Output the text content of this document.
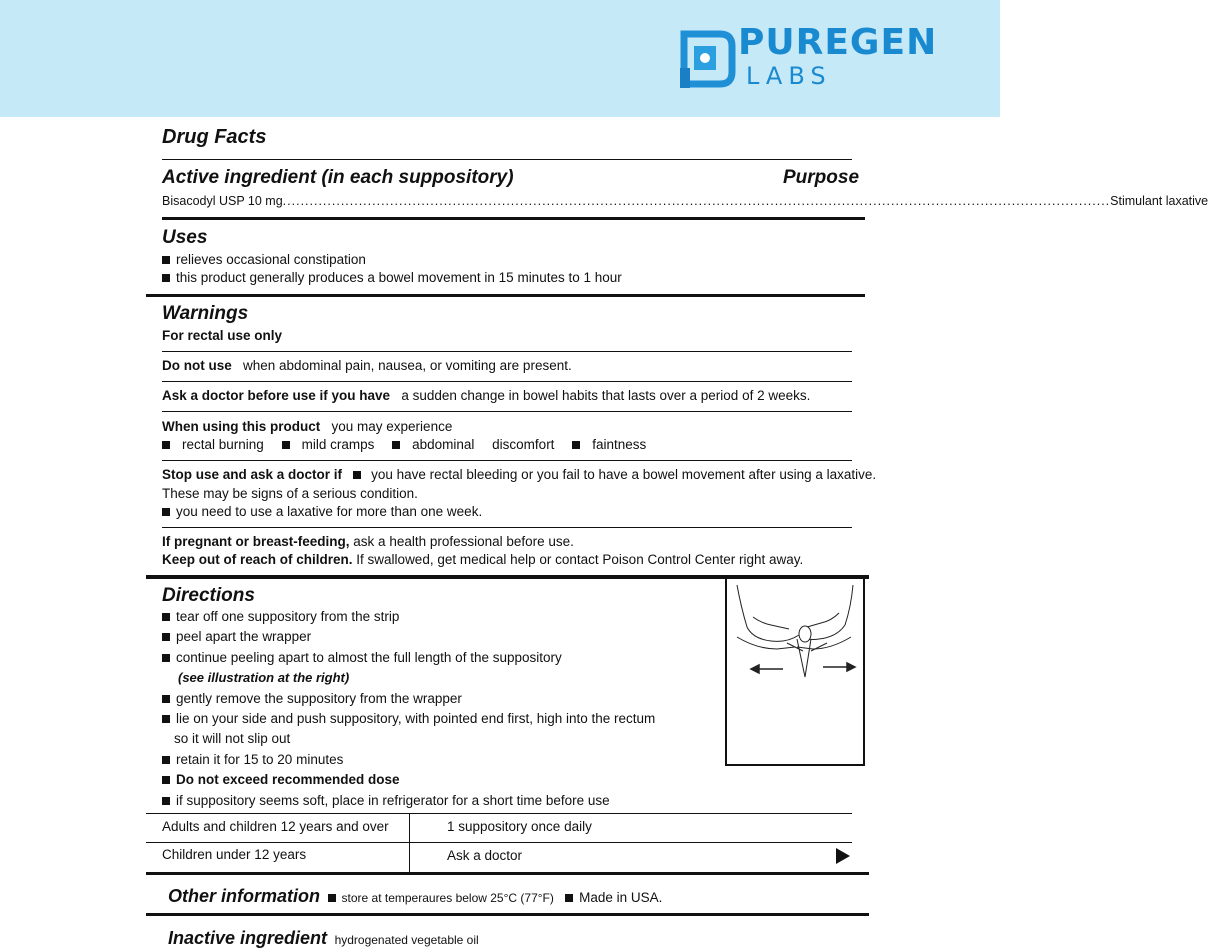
PUREGEN
LABS
Drug Facts
Active ingredient (in each suppository)	Purpose
Bisacodyl USP 10 mg ......................................................................................................................................................................................... Stimulant laxative
Uses
relieves occasional constipation
this product generally produces a bowel movement in 15 minutes to 1 hour
Warnings
For rectal use only
Do not use when abdominal pain, nausea, or vomiting are present.
Ask a doctor before use if you have a sudden change in bowel habits that lasts over a period of 2 weeks.
When using this product you may experience
rectal burning	mild cramps	abdominal discomfort	faintness
Stop use and ask a doctor if you have rectal bleeding or you fail to have a bowel movement after using a laxative.
These may be signs of a serious condition.
you need to use a laxative for more than one week.
If pregnant or breast-feeding, ask a health professional before use.
Keep out of reach of children. If swallowed, get medical help or contact Poison Control Center right away.
Directions
tear off one suppository from the strip
peel apart the wrapper
continue peeling apart to almost the full length of the suppository
(see illustration at the right)
gently remove the suppository from the wrapper
lie on your side and push suppository, with pointed end first, high into the rectum
so it will not slip out
retain it for 15 to 20 minutes
Do not exceed recommended dose
if suppository seems soft, place in refrigerator for a short time before use
Adults and children 12 years and over	1 suppository once daily
Children under 12 years	Ask a doctor
Other information store at temperaures below 25°C (77°F) Made in USA.
Inactive ingredient hydrogenated vegetable oil
